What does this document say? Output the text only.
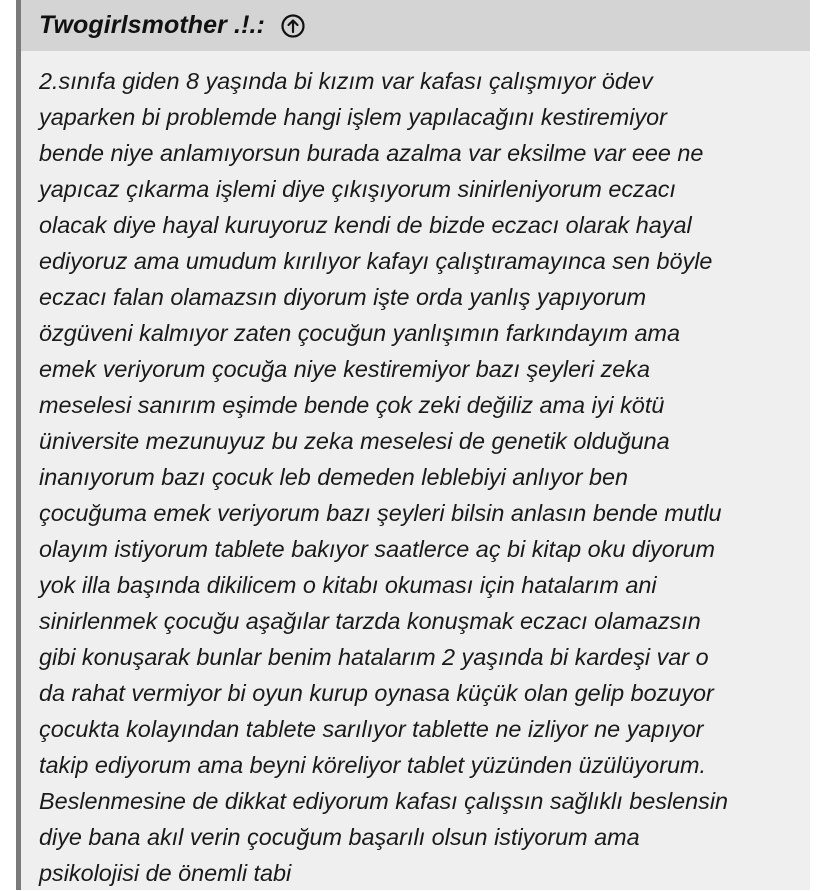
Twogirlsmother .!.:
2.sınıfa giden 8 yaşında bi kızım var kafası çalışmıyor ödev
yaparken bi problemde hangi işlem yapılacağını kestiremiyor
bende niye anlamıyorsun burada azalma var eksilme var eee ne
yapıcaz çıkarma işlemi diye çıkışıyorum sinirleniyorum eczacı
olacak diye hayal kuruyoruz kendi de bizde eczacı olarak hayal
ediyoruz ama umudum kırılıyor kafayı çalıştıramayınca sen böyle
eczacı falan olamazsın diyorum işte orda yanlış yapıyorum
özgüveni kalmıyor zaten çocuğun yanlışımın farkındayım ama
emek veriyorum çocuğa niye kestiremiyor bazı şeyleri zeka
meselesi sanırım eşimde bende çok zeki değiliz ama iyi kötü
üniversite mezunuyuz bu zeka meselesi de genetik olduğuna
inanıyorum bazı çocuk leb demeden leblebiyi anlıyor ben
çocuğuma emek veriyorum bazı şeyleri bilsin anlasın bende mutlu
olayım istiyorum tablete bakıyor saatlerce aç bi kitap oku diyorum
yok illa başında dikilicem o kitabı okuması için hatalarım ani
sinirlenmek çocuğu aşağılar tarzda konuşmak eczacı olamazsın
gibi konuşarak bunlar benim hatalarım 2 yaşında bi kardeşi var o
da rahat vermiyor bi oyun kurup oynasa küçük olan gelip bozuyor
çocukta kolayından tablete sarılıyor tablette ne izliyor ne yapıyor
takip ediyorum ama beyni köreliyor tablet yüzünden üzülüyorum.
Beslenmesine de dikkat ediyorum kafası çalışsın sağlıklı beslensin
diye bana akıl verin çocuğum başarılı olsun istiyorum ama
psikolojisi de önemli tabi
